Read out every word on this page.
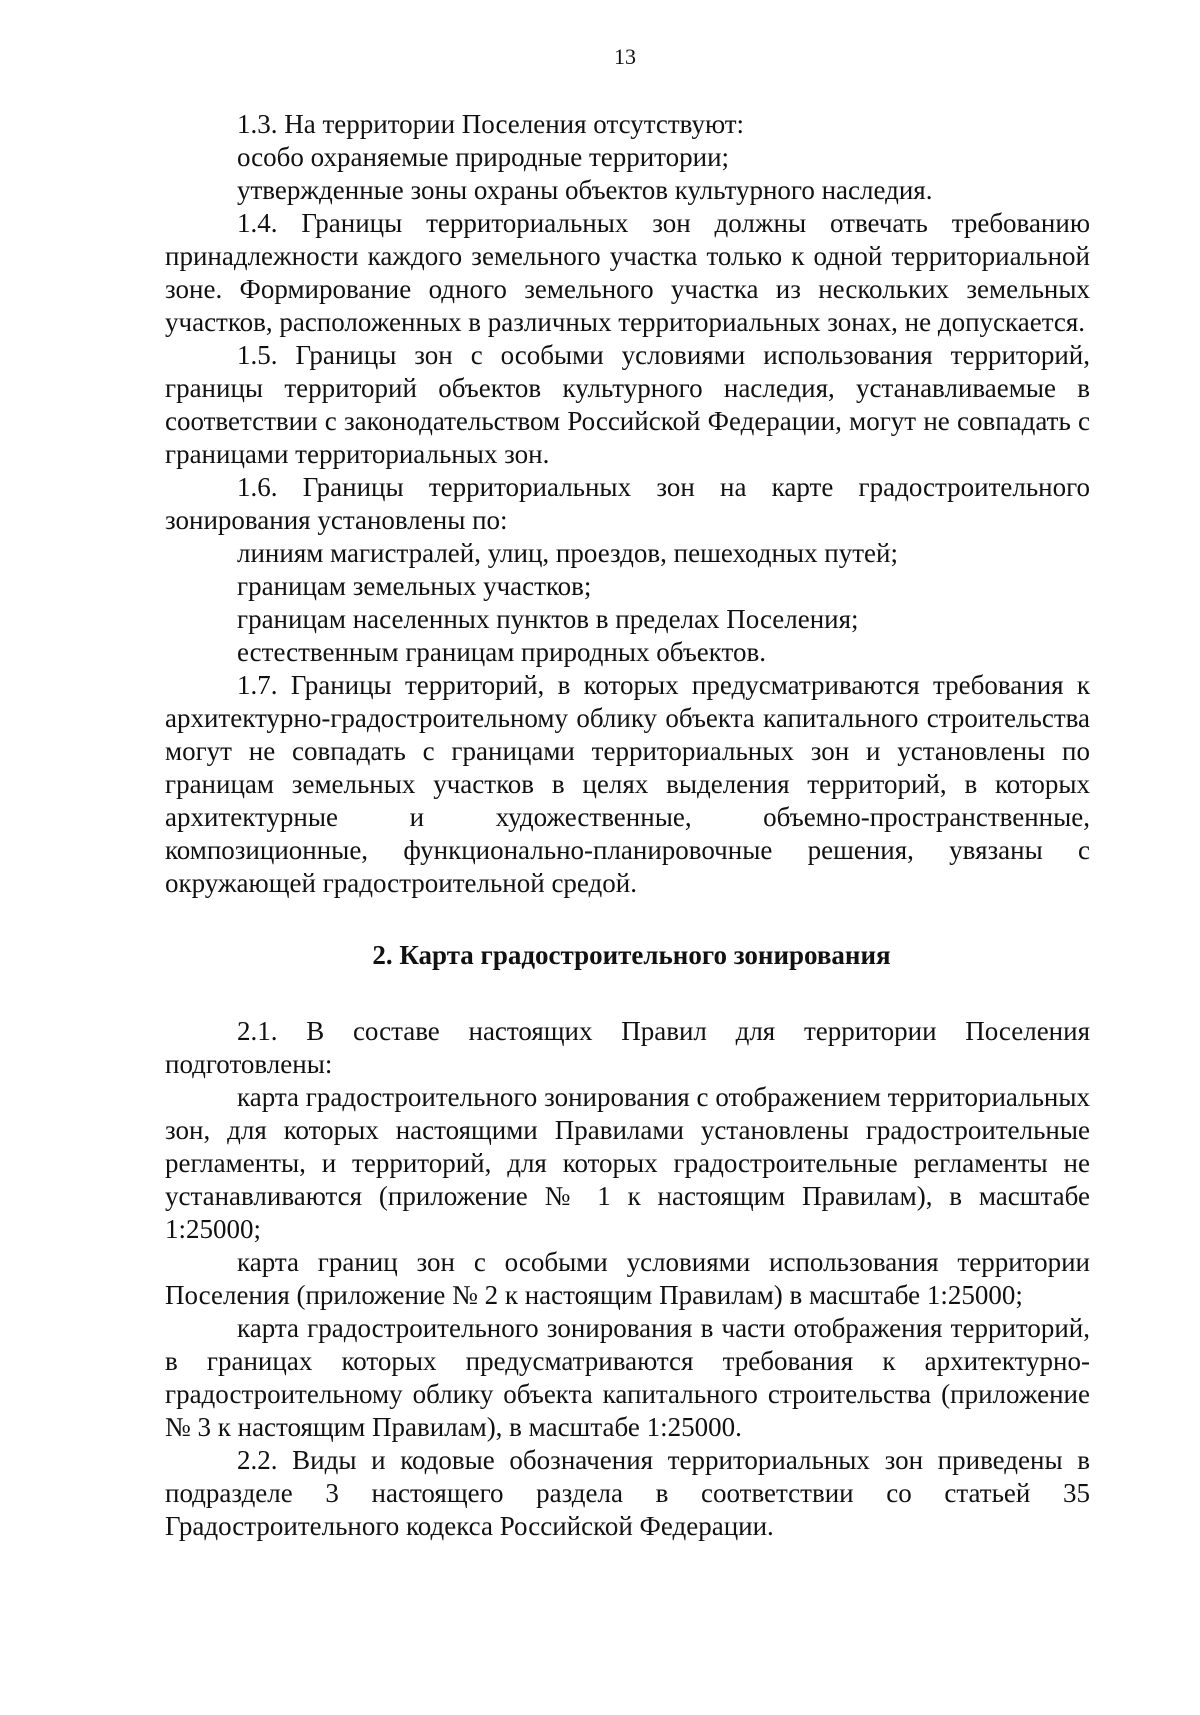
13

1.3. На территории Поселения отсутствуют:

особо охраняемые природные территории;

утвержденные зоны охраны объектов культурного наследия.

1.4. Границы территориальных зон должны отвечать требованию принадлежности каждого земельного участка только к одной территориальной зоне. Формирование одного земельного участка из нескольких земельных участков, расположенных в различных территориальных зонах, не допускается.

1.5. Границы зон с особыми условиями использования территорий, границы территорий объектов культурного наследия, устанавливаемые в соответствии с законодательством Российской Федерации, могут не совпадать с границами территориальных зон.

1.6. Границы территориальных зон на карте градостроительного зонирования установлены по:

линиям магистралей, улиц, проездов, пешеходных путей;

границам земельных участков;

границам населенных пунктов в пределах Поселения;

естественным границам природных объектов.

1.7. Границы территорий, в которых предусматриваются требования к архитектурно-градостроительному облику объекта капитального строительства могут не совпадать с границами территориальных зон и установлены по границам земельных участков в целях выделения территорий, в которых архитектурные и художественные, объемно-пространственные, композиционные, функционально-планировочные решения, увязаны с окружающей градостроительной средой.

2. Карта градостроительного зонирования

2.1. В составе настоящих Правил для территории Поселения подготовлены:

карта градостроительного зонирования с отображением территориальных зон, для которых настоящими Правилами установлены градостроительные регламенты, и территорий, для которых градостроительные регламенты не устанавливаются (приложение № 1 к настоящим Правилам), в масштабе 1:25000;

карта границ зон с особыми условиями использования территории Поселения (приложение № 2 к настоящим Правилам) в масштабе 1:25000;

карта градостроительного зонирования в части отображения территорий, в границах которых предусматриваются требования к архитектурно-градостроительному облику объекта капитального строительства (приложение № 3 к настоящим Правилам), в масштабе 1:25000.

2.2. Виды и кодовые обозначения территориальных зон приведены в подразделе 3 настоящего раздела в соответствии со статьей 35 Градостроительного кодекса Российской Федерации.
